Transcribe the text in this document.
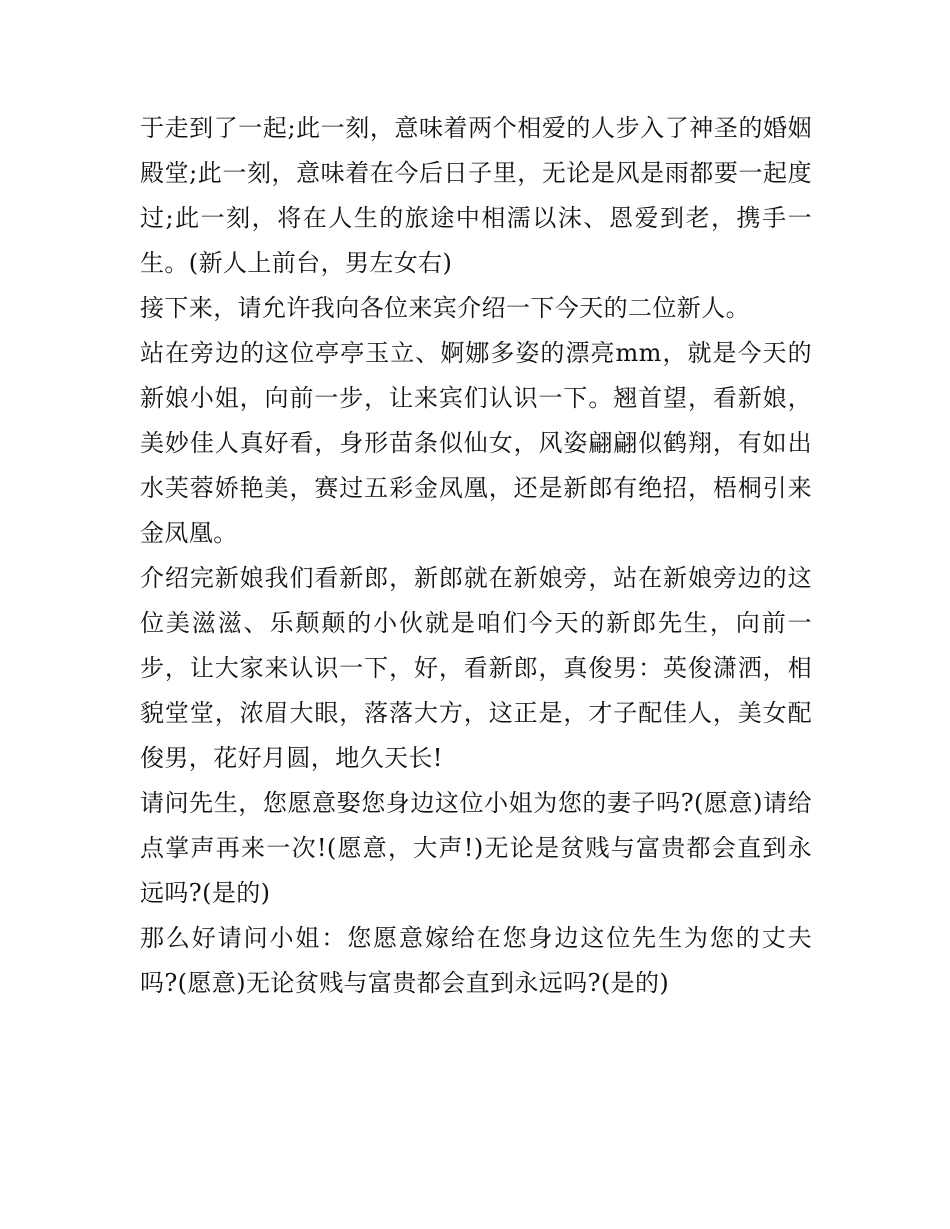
于走到了一起;此一刻，意味着两个相爱的人步入了神圣的婚姻殿堂;此一刻，意味着在今后日子里，无论是风是雨都要一起度过;此一刻，将在人生的旅途中相濡以沫、恩爱到老，携手一生。(新人上前台，男左女右)

接下来，请允许我向各位来宾介绍一下今天的二位新人。

站在旁边的这位亭亭玉立、婀娜多姿的漂亮mm，就是今天的新娘小姐，向前一步，让来宾们认识一下。翘首望，看新娘，美妙佳人真好看，身形苗条似仙女，风姿翩翩似鹤翔，有如出水芙蓉娇艳美，赛过五彩金凤凰，还是新郎有绝招，梧桐引来金凤凰。

介绍完新娘我们看新郎，新郎就在新娘旁，站在新娘旁边的这位美滋滋、乐颠颠的小伙就是咱们今天的新郎先生，向前一步，让大家来认识一下，好，看新郎，真俊男：英俊潇洒，相貌堂堂，浓眉大眼，落落大方，这正是，才子配佳人，美女配俊男，花好月圆，地久天长!

请问先生，您愿意娶您身边这位小姐为您的妻子吗?(愿意)请给点掌声再来一次!(愿意，大声!)无论是贫贱与富贵都会直到永远吗?(是的)

那么好请问小姐：您愿意嫁给在您身边这位先生为您的丈夫吗?(愿意)无论贫贱与富贵都会直到永远吗?(是的)
